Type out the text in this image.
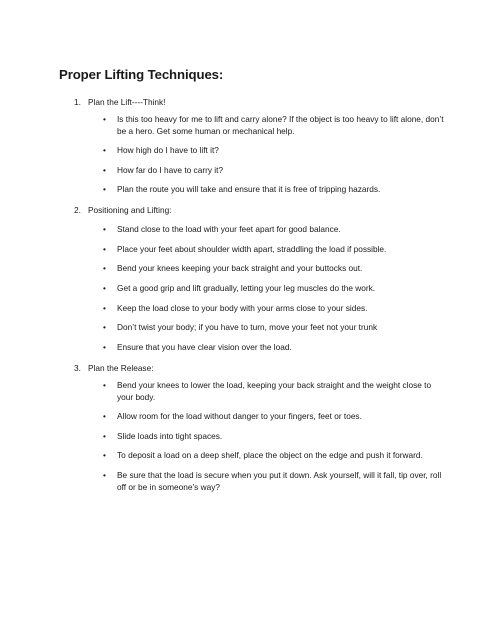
Proper Lifting Techniques:
1. Plan the Lift----Think!
• Is this too heavy for me to lift and carry alone? If the object is too heavy to lift alone, don’t be a hero. Get some human or mechanical help.
• How high do I have to lift it?
• How far do I have to carry it?
• Plan the route you will take and ensure that it is free of tripping hazards.
2. Positioning and Lifting:
• Stand close to the load with your feet apart for good balance.
• Place your feet about shoulder width apart, straddling the load if possible.
• Bend your knees keeping your back straight and your buttocks out.
• Get a good grip and lift gradually, letting your leg muscles do the work.
• Keep the load close to your body with your arms close to your sides.
• Don’t twist your body; if you have to turn, move your feet not your trunk
• Ensure that you have clear vision over the load.
3. Plan the Release:
• Bend your knees to lower the load, keeping your back straight and the weight close to your body.
• Allow room for the load without danger to your fingers, feet or toes.
• Slide loads into tight spaces.
• To deposit a load on a deep shelf, place the object on the edge and push it forward.
• Be sure that the load is secure when you put it down. Ask yourself, will it fall, tip over, roll off or be in someone’s way?
